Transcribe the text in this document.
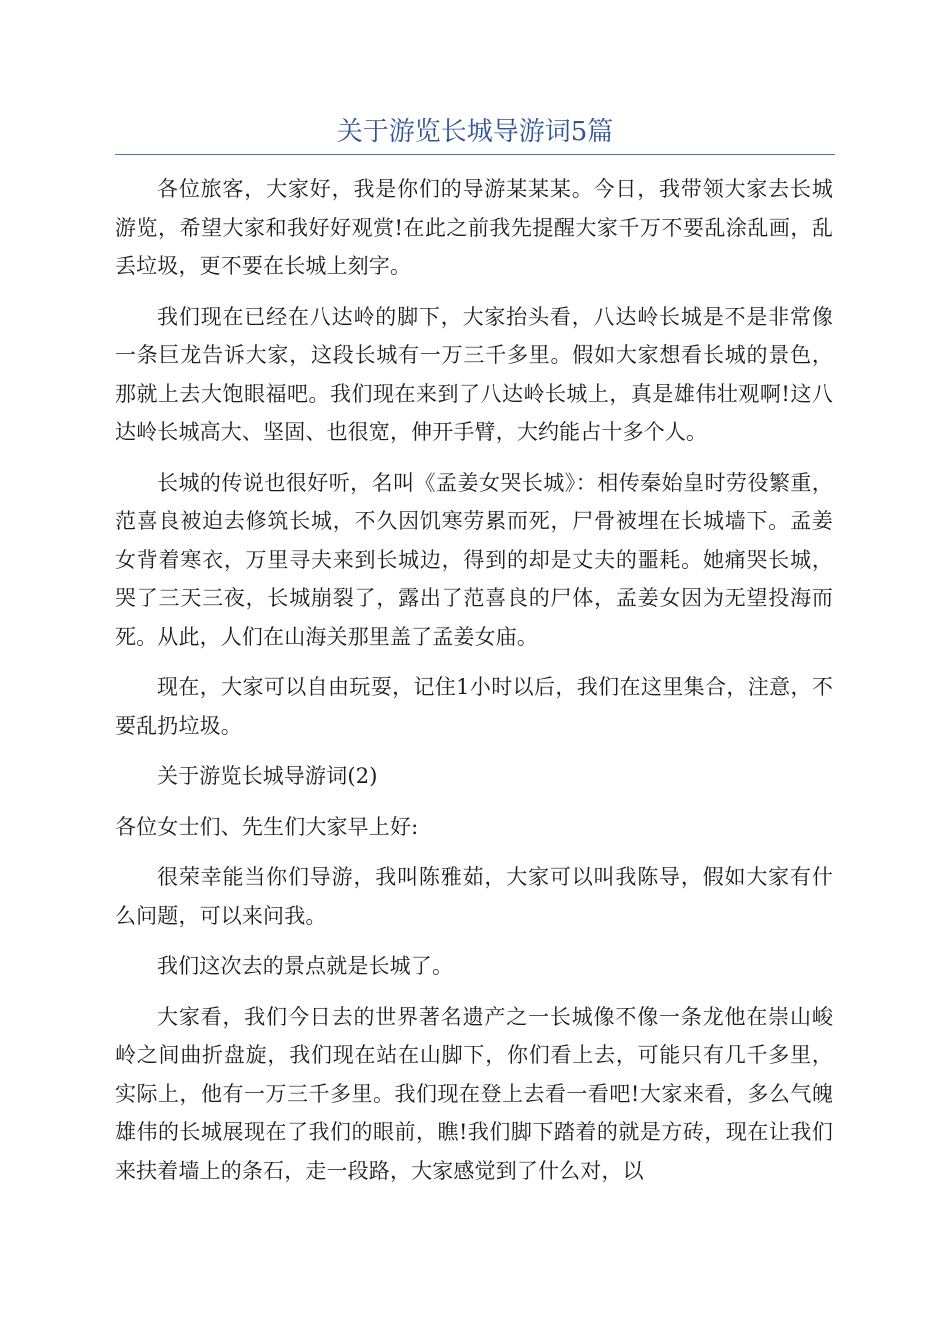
关于游览长城导游词5篇

各位旅客，大家好，我是你们的导游某某某。今日，我带领大家去长城游览，希望大家和我好好观赏!在此之前我先提醒大家千万不要乱涂乱画，乱丢垃圾，更不要在长城上刻字。

我们现在已经在八达岭的脚下，大家抬头看，八达岭长城是不是非常像一条巨龙告诉大家，这段长城有一万三千多里。假如大家想看长城的景色，那就上去大饱眼福吧。我们现在来到了八达岭长城上，真是雄伟壮观啊!这八达岭长城高大、坚固、也很宽，伸开手臂，大约能占十多个人。

长城的传说也很好听，名叫《孟姜女哭长城》：相传秦始皇时劳役繁重，范喜良被迫去修筑长城，不久因饥寒劳累而死，尸骨被埋在长城墙下。孟姜女背着寒衣，万里寻夫来到长城边，得到的却是丈夫的噩耗。她痛哭长城，哭了三天三夜，长城崩裂了，露出了范喜良的尸体，孟姜女因为无望投海而死。从此，人们在山海关那里盖了孟姜女庙。

现在，大家可以自由玩耍，记住1小时以后，我们在这里集合，注意，不要乱扔垃圾。

关于游览长城导游词(2)

各位女士们、先生们大家早上好:

很荣幸能当你们导游，我叫陈雅茹，大家可以叫我陈导，假如大家有什么问题，可以来问我。

我们这次去的景点就是长城了。

大家看，我们今日去的世界著名遗产之一长城像不像一条龙他在崇山峻岭之间曲折盘旋，我们现在站在山脚下，你们看上去，可能只有几千多里，实际上，他有一万三千多里。我们现在登上去看一看吧!大家来看，多么气魄雄伟的长城展现在了我们的眼前，瞧!我们脚下踏着的就是方砖，现在让我们来扶着墙上的条石，走一段路，大家感觉到了什么对，以
